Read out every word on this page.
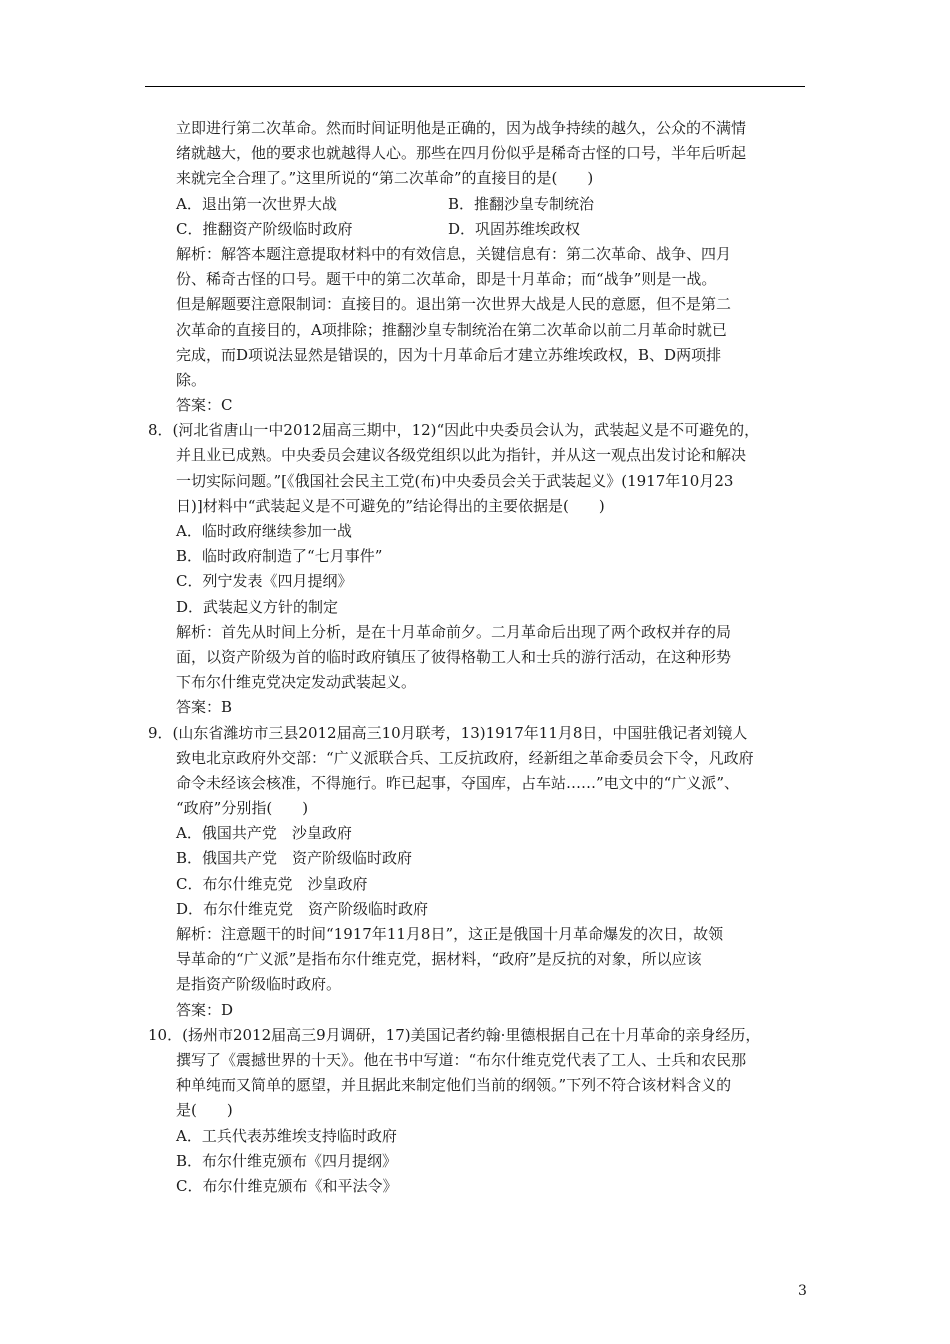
立即进行第二次革命。然而时间证明他是正确的，因为战争持续的越久，公众的不满情
绪就越大，他的要求也就越得人心。那些在四月份似乎是稀奇古怪的口号，半年后听起
来就完全合理了。”这里所说的“第二次革命”的直接目的是(　　)
A．退出第一次世界大战	B．推翻沙皇专制统治
C．推翻资产阶级临时政府	D．巩固苏维埃政权
解析：解答本题注意提取材料中的有效信息，关键信息有：第二次革命、战争、四月
份、稀奇古怪的口号。题干中的第二次革命，即是十月革命；而“战争”则是一战。
但是解题要注意限制词：直接目的。退出第一次世界大战是人民的意愿，但不是第二
次革命的直接目的，A项排除；推翻沙皇专制统治在第二次革命以前二月革命时就已
完成，而D项说法显然是错误的，因为十月革命后才建立苏维埃政权，B、D两项排
除。
答案：C
8．(河北省唐山一中2012届高三期中，12)“因此中央委员会认为，武装起义是不可避免的，
并且业已成熟。中央委员会建议各级党组织以此为指针，并从这一观点出发讨论和解决
一切实际问题。”[《俄国社会民主工党(布)中央委员会关于武装起义》(1917年10月23
日)]材料中“武装起义是不可避免的”结论得出的主要依据是(　　)
A．临时政府继续参加一战
B．临时政府制造了“七月事件”
C．列宁发表《四月提纲》
D．武装起义方针的制定
解析：首先从时间上分析，是在十月革命前夕。二月革命后出现了两个政权并存的局
面，以资产阶级为首的临时政府镇压了彼得格勒工人和士兵的游行活动，在这种形势
下布尔什维克党决定发动武装起义。
答案：B
9．(山东省潍坊市三县2012届高三10月联考，13)1917年11月8日，中国驻俄记者刘镜人
致电北京政府外交部：“广义派联合兵、工反抗政府，经新组之革命委员会下令，凡政府
命令未经该会核准，不得施行。昨已起事，夺国库，占车站……”电文中的“广义派”、
“政府”分别指(　　)
A．俄国共产党　沙皇政府
B．俄国共产党　资产阶级临时政府
C．布尔什维克党　沙皇政府
D．布尔什维克党　资产阶级临时政府
解析：注意题干的时间“1917年11月8日”，这正是俄国十月革命爆发的次日，故领
导革命的“广义派”是指布尔什维克党，据材料，“政府”是反抗的对象，所以应该
是指资产阶级临时政府。
答案：D
10．(扬州市2012届高三9月调研，17)美国记者约翰·里德根据自己在十月革命的亲身经历，
撰写了《震撼世界的十天》。他在书中写道：“布尔什维克党代表了工人、士兵和农民那
种单纯而又简单的愿望，并且据此来制定他们当前的纲领。”下列不符合该材料含义的
是(　　)
A．工兵代表苏维埃支持临时政府
B．布尔什维克颁布《四月提纲》
C．布尔什维克颁布《和平法令》
3
